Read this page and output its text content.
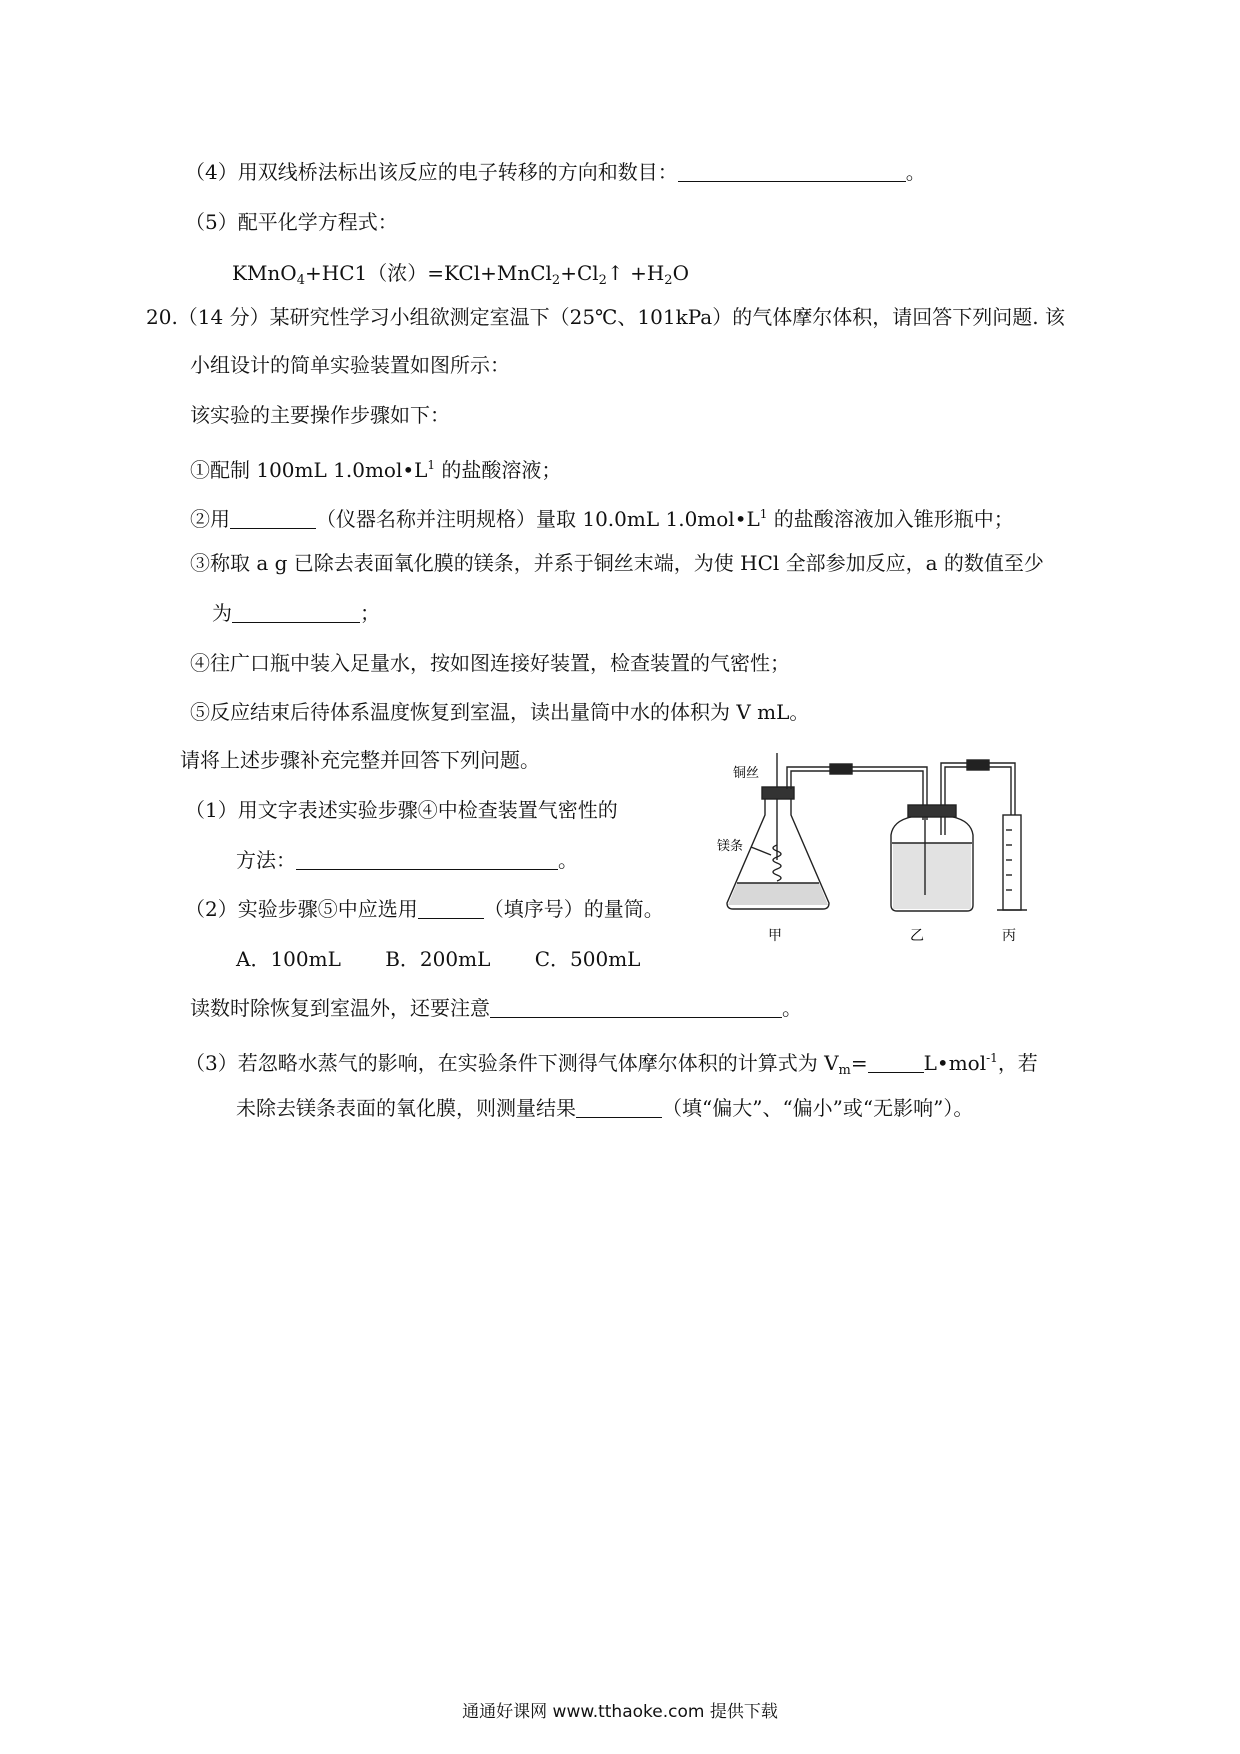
（4）用双线桥法标出该反应的电子转移的方向和数目：	。
（5）配平化学方程式：
KMnO$_4$+HC1（浓）$=KCl+MnCl_2+Cl_2↑ +H_2O$
20.（14 分）某研究性学习小组欲测定室温下（25℃、101kPa）的气体摩尔体积，请回答下列问题. 该
小组设计的简单实验装置如图所示：
该实验的主要操作步骤如下：
①配制 100mL $1.0mol•L^1$ 的盐酸溶液；
②用	（仪器名称并注明规格）量取 10.0mL $1.0mol•L^1$ 的盐酸溶液加入锥形瓶中；
③称取 a g 已除去表面氧化膜的镁条，并系于铜丝末端，为使 HCl 全部参加反应，a 的数值至少
为	；
④往广口瓶中装入足量水，按如图连接好装置，检查装置的气密性；
⑤反应结束后待体系温度恢复到室温，读出量筒中水的体积为 V mL。
请将上述步骤补充完整并回答下列问题。
（1）用文字表述实验步骤④中检查装置气密性的
方法：	。
（2）实验步骤⑤中应选用	（填序号）的量筒。
A．100mL B．200mL C．500mL
读数时除恢复到室温外，还要注意	。
（3）若忽略水蒸气的影响，在实验条件下测得气体摩尔体积的计算式为 $V_m=$	L•mol$^{-1}$，若
未除去镁条表面的氧化膜，则测量结果	（填“偏大”、“偏小”或“无影响”）。
铜丝
镁条
甲	乙	丙
通通好课网 www.tthaoke.com 提供下载
